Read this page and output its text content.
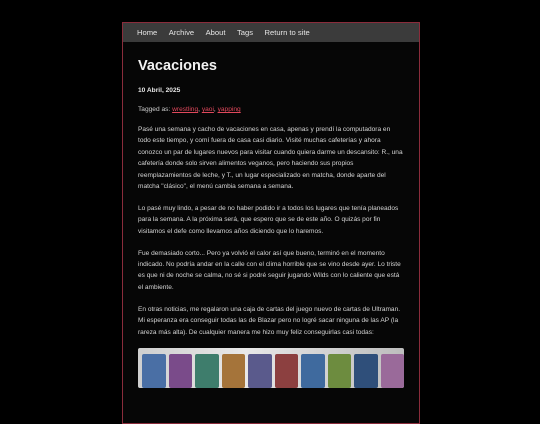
Home Archive About Tags Return to site
Vacaciones
10 Abril, 2025
Tagged as: wrestling, yaoi, yapping

Pasé una semana y cacho de vacaciones en casa, apenas y prendí la computadora en todo este tiempo, y comí fuera de casa casi diario. Visité muchas cafeterías y ahora conozco un par de lugares nuevos para visitar cuando quiera darme un descansito: R., una cafetería donde solo sirven alimentos veganos, pero haciendo sus propios reemplazamientos de leche, y T., un lugar especializado en matcha, donde aparte del matcha "clásico", el menú cambia semana a semana.

Lo pasé muy lindo, a pesar de no haber podido ir a todos los lugares que tenía planeados para la semana. A la próxima será, que espero que se de este año. O quizás por fin visitamos el defe como llevamos años diciendo que lo haremos.

Fue demasiado corto... Pero ya volvió el calor así que bueno, terminó en el momento indicado. No podría andar en la calle con el clima horrible que se vino desde ayer. Lo triste es que ni de noche se calma, no sé si podré seguir jugando Wilds con lo caliente que está el ambiente.

En otras noticias, me regalaron una caja de cartas del juego nuevo de cartas de Ultraman. Mi esperanza era conseguir todas las de Blazar pero no logré sacar ninguna de las AP (la rareza más alta). De cualquier manera me hizo muy feliz conseguirlas casi todas:
